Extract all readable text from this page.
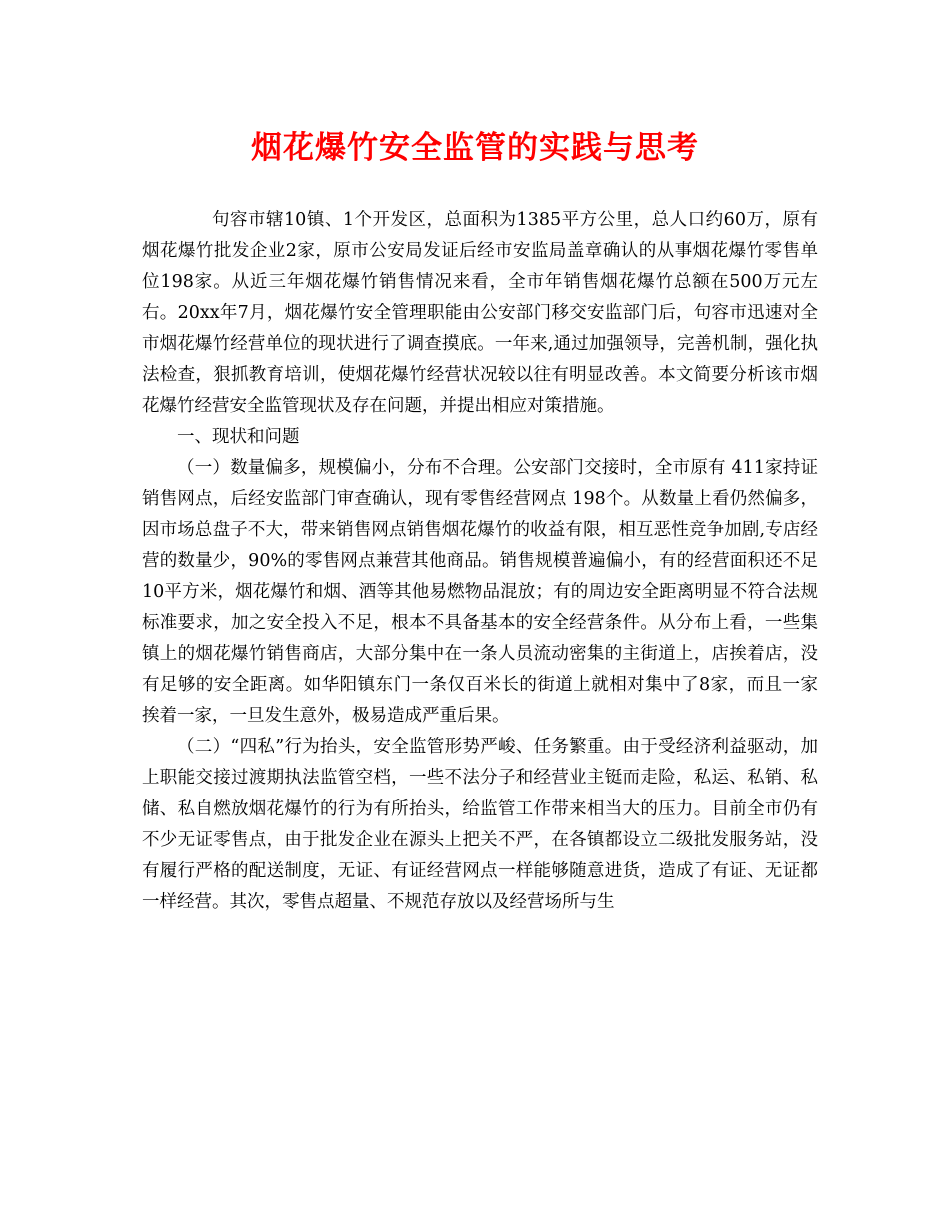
烟花爆竹安全监管的实践与思考

句容市辖10镇、1个开发区，总面积为1385平方公里，总人口约60万，原有烟花爆竹批发企业2家，原市公安局发证后经市安监局盖章确认的从事烟花爆竹零售单位198家。从近三年烟花爆竹销售情况来看，全市年销售烟花爆竹总额在500万元左右。20xx年7月，烟花爆竹安全管理职能由公安部门移交安监部门后，句容市迅速对全市烟花爆竹经营单位的现状进行了调查摸底。一年来,通过加强领导，完善机制，强化执法检查，狠抓教育培训，使烟花爆竹经营状况较以往有明显改善。本文简要分析该市烟花爆竹经营安全监管现状及存在问题，并提出相应对策措施。

一、现状和问题

（一）数量偏多，规模偏小，分布不合理。公安部门交接时，全市原有 411家持证销售网点，后经安监部门审查确认，现有零售经营网点 198个。从数量上看仍然偏多，因市场总盘子不大，带来销售网点销售烟花爆竹的收益有限，相互恶性竞争加剧,专店经营的数量少，90%的零售网点兼营其他商品。销售规模普遍偏小，有的经营面积还不足10平方米，烟花爆竹和烟、酒等其他易燃物品混放；有的周边安全距离明显不符合法规标准要求，加之安全投入不足，根本不具备基本的安全经营条件。从分布上看，一些集镇上的烟花爆竹销售商店，大部分集中在一条人员流动密集的主街道上，店挨着店，没有足够的安全距离。如华阳镇东门一条仅百米长的街道上就相对集中了8家，而且一家挨着一家，一旦发生意外，极易造成严重后果。

（二）“四私”行为抬头，安全监管形势严峻、任务繁重。由于受经济利益驱动，加上职能交接过渡期执法监管空档，一些不法分子和经营业主铤而走险，私运、私销、私储、私自燃放烟花爆竹的行为有所抬头，给监管工作带来相当大的压力。目前全市仍有不少无证零售点，由于批发企业在源头上把关不严，在各镇都设立二级批发服务站，没有履行严格的配送制度，无证、有证经营网点一样能够随意进货，造成了有证、无证都一样经营。其次，零售点超量、不规范存放以及经营场所与生
